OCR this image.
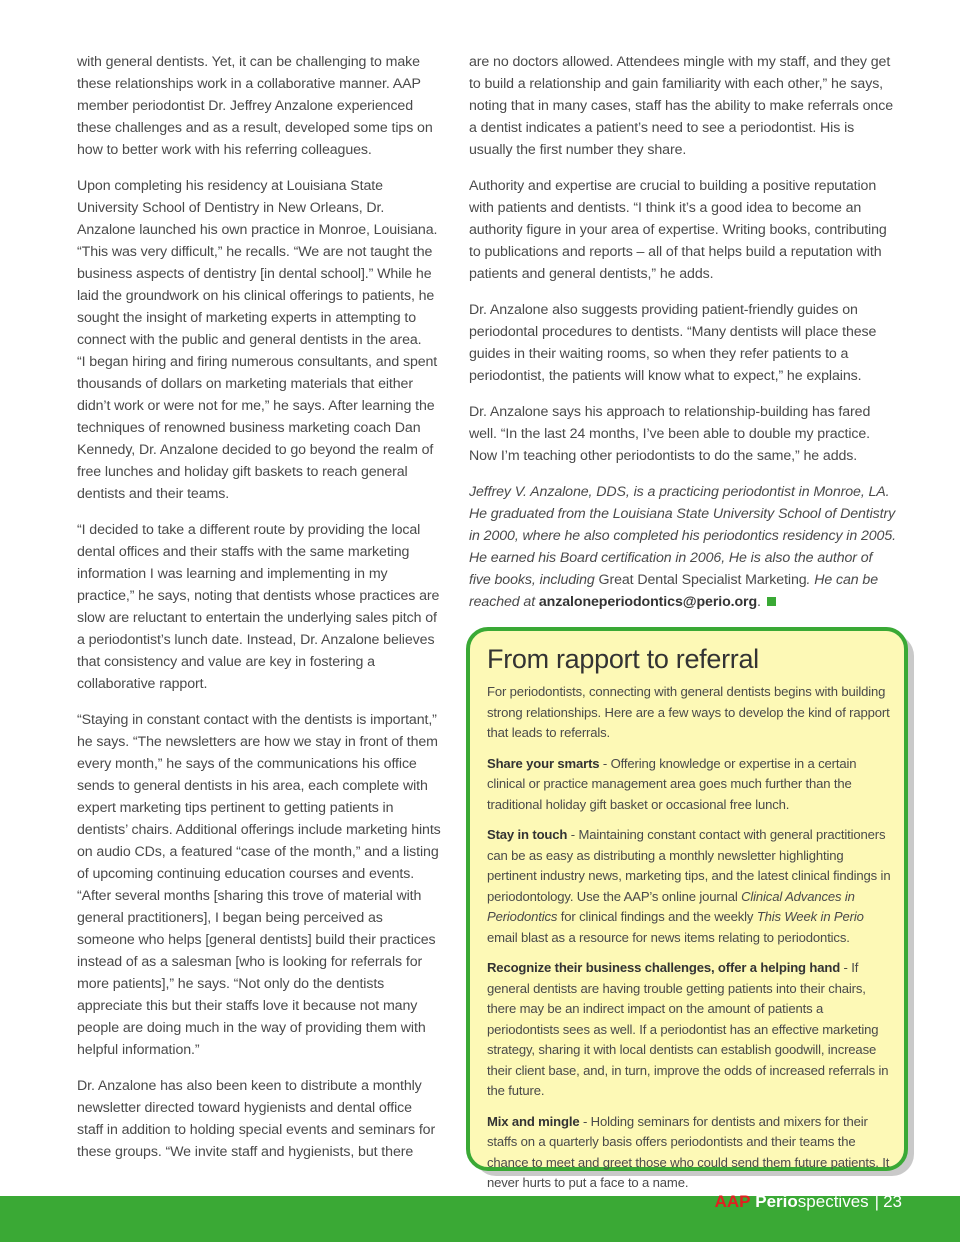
with general dentists. Yet, it can be challenging to make these relationships work in a collaborative manner. AAP member periodontist Dr. Jeffrey Anzalone experienced these challenges and as a result, developed some tips on how to better work with his referring colleagues.

Upon completing his residency at Louisiana State University School of Dentistry in New Orleans, Dr. Anzalone launched his own practice in Monroe, Louisiana. “This was very difficult,” he recalls. “We are not taught the business aspects of dentistry [in dental school].” While he laid the groundwork on his clinical offerings to patients, he sought the insight of marketing experts in attempting to connect with the public and general dentists in the area.

“I began hiring and firing numerous consultants, and spent thousands of dollars on marketing materials that either didn’t work or were not for me,” he says. After learning the techniques of renowned business marketing coach Dan Kennedy, Dr. Anzalone decided to go beyond the realm of free lunches and holiday gift baskets to reach general dentists and their teams.

“I decided to take a different route by providing the local dental offices and their staffs with the same marketing information I was learning and implementing in my practice,” he says, noting that dentists whose practices are slow are reluctant to entertain the underlying sales pitch of a periodontist’s lunch date. Instead, Dr. Anzalone believes that consistency and value are key in fostering a collaborative rapport.

“Staying in constant contact with the dentists is important,” he says. “The newsletters are how we stay in front of them every month,” he says of the communications his office sends to general dentists in his area, each complete with expert marketing tips pertinent to getting patients in dentists’ chairs. Additional offerings include marketing hints on audio CDs, a featured “case of the month,” and a listing of upcoming continuing education courses and events. “After several months [sharing this trove of material with general practitioners], I began being perceived as someone who helps [general dentists] build their practices instead of as a salesman [who is looking for referrals for more patients],” he says. “Not only do the dentists appreciate this but their staffs love it because not many people are doing much in the way of providing them with helpful information.”

Dr. Anzalone has also been keen to distribute a monthly newsletter directed toward hygienists and dental office staff in addition to holding special events and seminars for these groups. “We invite staff and hygienists, but there

are no doctors allowed. Attendees mingle with my staff, and they get to build a relationship and gain familiarity with each other,” he says, noting that in many cases, staff has the ability to make referrals once a dentist indicates a patient’s need to see a periodontist. His is usually the first number they share.

Authority and expertise are crucial to building a positive reputation with patients and dentists. “I think it’s a good idea to become an authority figure in your area of expertise. Writing books, contributing to publications and reports – all of that helps build a reputation with patients and general dentists,” he adds.

Dr. Anzalone also suggests providing patient-friendly guides on periodontal procedures to dentists. “Many dentists will place these guides in their waiting rooms, so when they refer patients to a periodontist, the patients will know what to expect,” he explains.

Dr. Anzalone says his approach to relationship-building has fared well. “In the last 24 months, I’ve been able to double my practice. Now I’m teaching other periodontists to do the same,” he adds.

Jeffrey V. Anzalone, DDS, is a practicing periodontist in Monroe, LA. He graduated from the Louisiana State University School of Dentistry in 2000, where he also completed his periodontics residency in 2005. He earned his Board certification in 2006, He is also the author of five books, including Great Dental Specialist Marketing. He can be reached at anzaloneperiodontics@perio.org.

From rapport to referral

For periodontists, connecting with general dentists begins with building strong relationships. Here are a few ways to develop the kind of rapport that leads to referrals.

Share your smarts - Offering knowledge or expertise in a certain clinical or practice management area goes much further than the traditional holiday gift basket or occasional free lunch.

Stay in touch - Maintaining constant contact with general practitioners can be as easy as distributing a monthly newsletter highlighting pertinent industry news, marketing tips, and the latest clinical findings in periodontology. Use the AAP’s online journal Clinical Advances in Periodontics for clinical findings and the weekly This Week in Perio email blast as a resource for news items relating to periodontics.

Recognize their business challenges, offer a helping hand - If general dentists are having trouble getting patients into their chairs, there may be an indirect impact on the amount of patients a periodontists sees as well. If a periodontist has an effective marketing strategy, sharing it with local dentists can establish goodwill, increase their client base, and, in turn, improve the odds of increased referrals in the future.

Mix and mingle - Holding seminars for dentists and mixers for their staffs on a quarterly basis offers periodontists and their teams the chance to meet and greet those who could send them future patients. It never hurts to put a face to a name.

AAP Periospectives | 23
